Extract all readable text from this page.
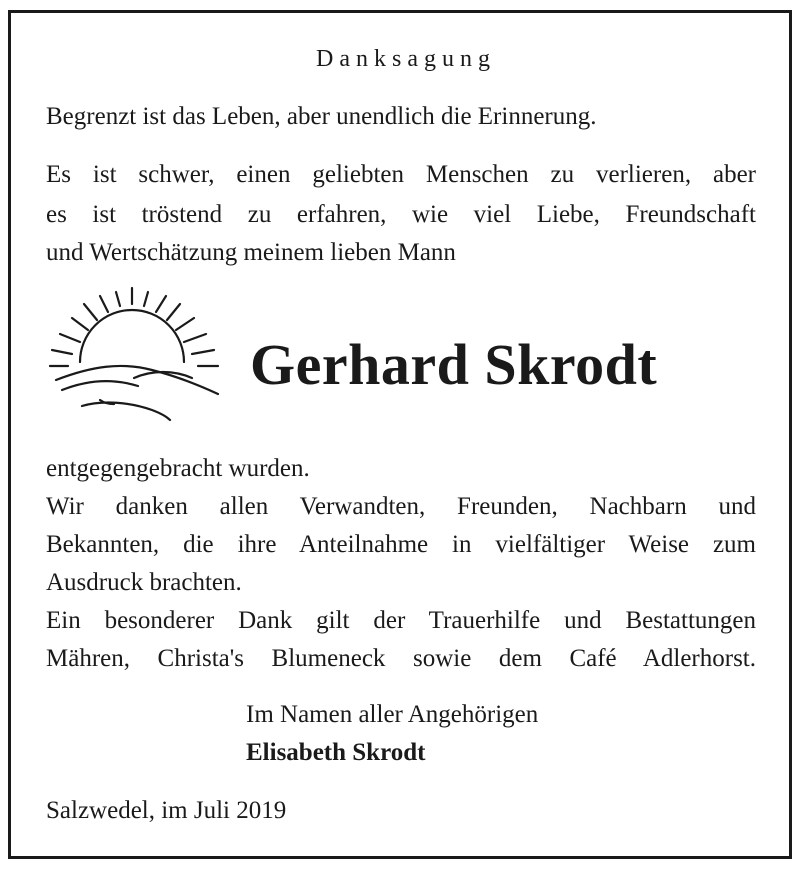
Danksagung
Begrenzt ist das Leben, aber unendlich die Erinnerung.
Es ist schwer, einen geliebten Menschen zu verlieren, aber
es ist tröstend zu erfahren, wie viel Liebe, Freundschaft
und Wertschätzung meinem lieben Mann
Gerhard Skrodt
entgegengebracht wurden.
Wir danken allen Verwandten, Freunden, Nachbarn und
Bekannten, die ihre Anteilnahme in vielfältiger Weise zum
Ausdruck brachten.
Ein besonderer Dank gilt der Trauerhilfe und Bestattungen
Mähren, Christa's Blumeneck sowie dem Café Adlerhorst.
Im Namen aller Angehörigen
Elisabeth Skrodt
Salzwedel, im Juli 2019
